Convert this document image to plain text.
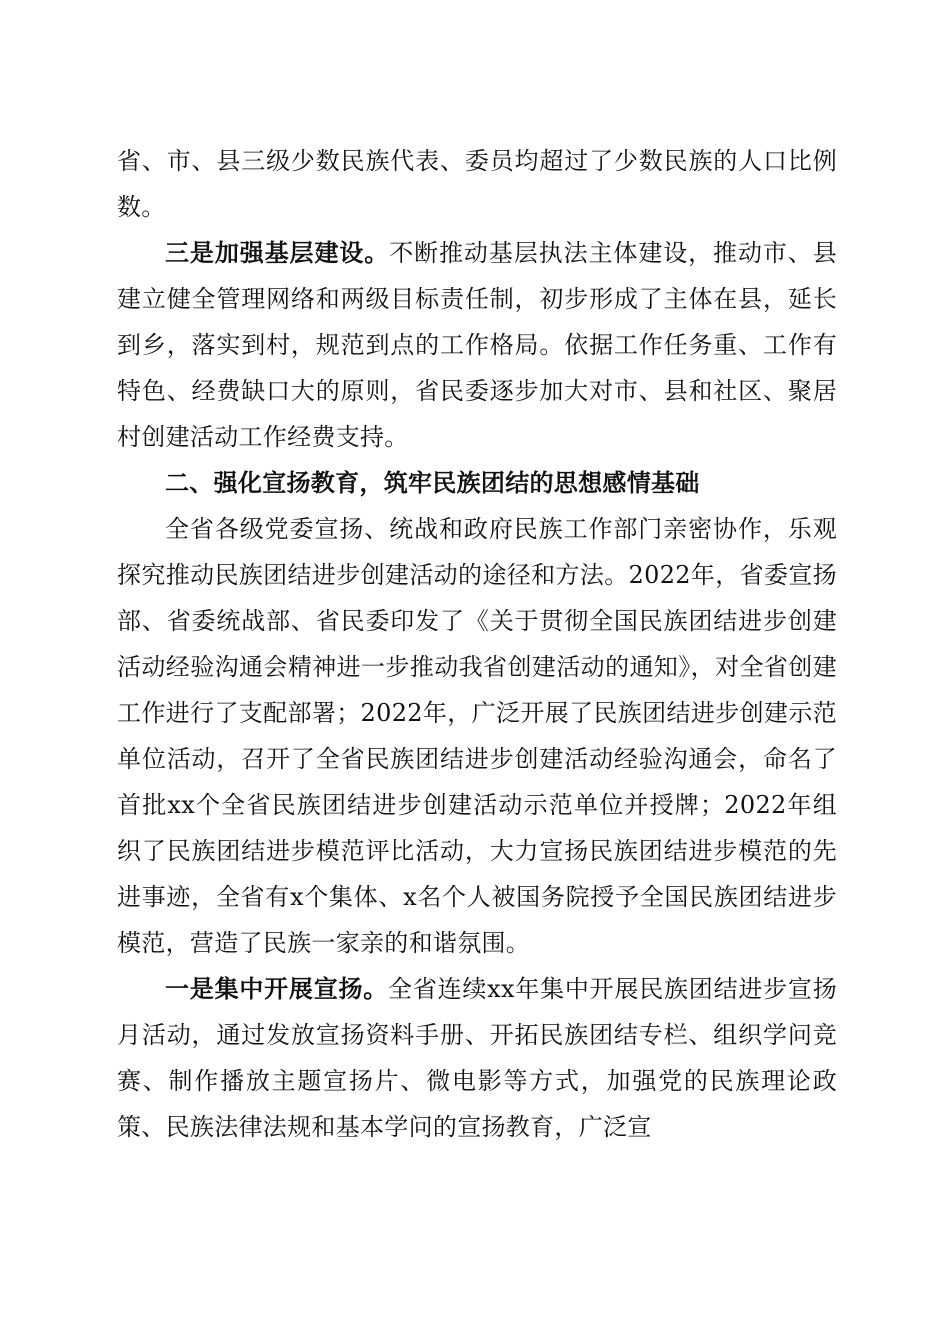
省、市、县三级少数民族代表、委员均超过了少数民族的人口比例数。

三是加强基层建设。不断推动基层执法主体建设，推动市、县建立健全管理网络和两级目标责任制，初步形成了主体在县，延长到乡，落实到村，规范到点的工作格局。依据工作任务重、工作有特色、经费缺口大的原则，省民委逐步加大对市、县和社区、聚居村创建活动工作经费支持。

二、强化宣扬教育，筑牢民族团结的思想感情基础

全省各级党委宣扬、统战和政府民族工作部门亲密协作，乐观探究推动民族团结进步创建活动的途径和方法。2022年，省委宣扬部、省委统战部、省民委印发了《关于贯彻全国民族团结进步创建活动经验沟通会精神进一步推动我省创建活动的通知》，对全省创建工作进行了支配部署；2022年，广泛开展了民族团结进步创建示范单位活动，召开了全省民族团结进步创建活动经验沟通会，命名了首批xx个全省民族团结进步创建活动示范单位并授牌；2022年组织了民族团结进步模范评比活动，大力宣扬民族团结进步模范的先进事迹，全省有x个集体、x名个人被国务院授予全国民族团结进步模范，营造了民族一家亲的和谐氛围。

一是集中开展宣扬。全省连续xx年集中开展民族团结进步宣扬月活动，通过发放宣扬资料手册、开拓民族团结专栏、组织学问竞赛、制作播放主题宣扬片、微电影等方式，加强党的民族理论政策、民族法律法规和基本学问的宣扬教育，广泛宣
